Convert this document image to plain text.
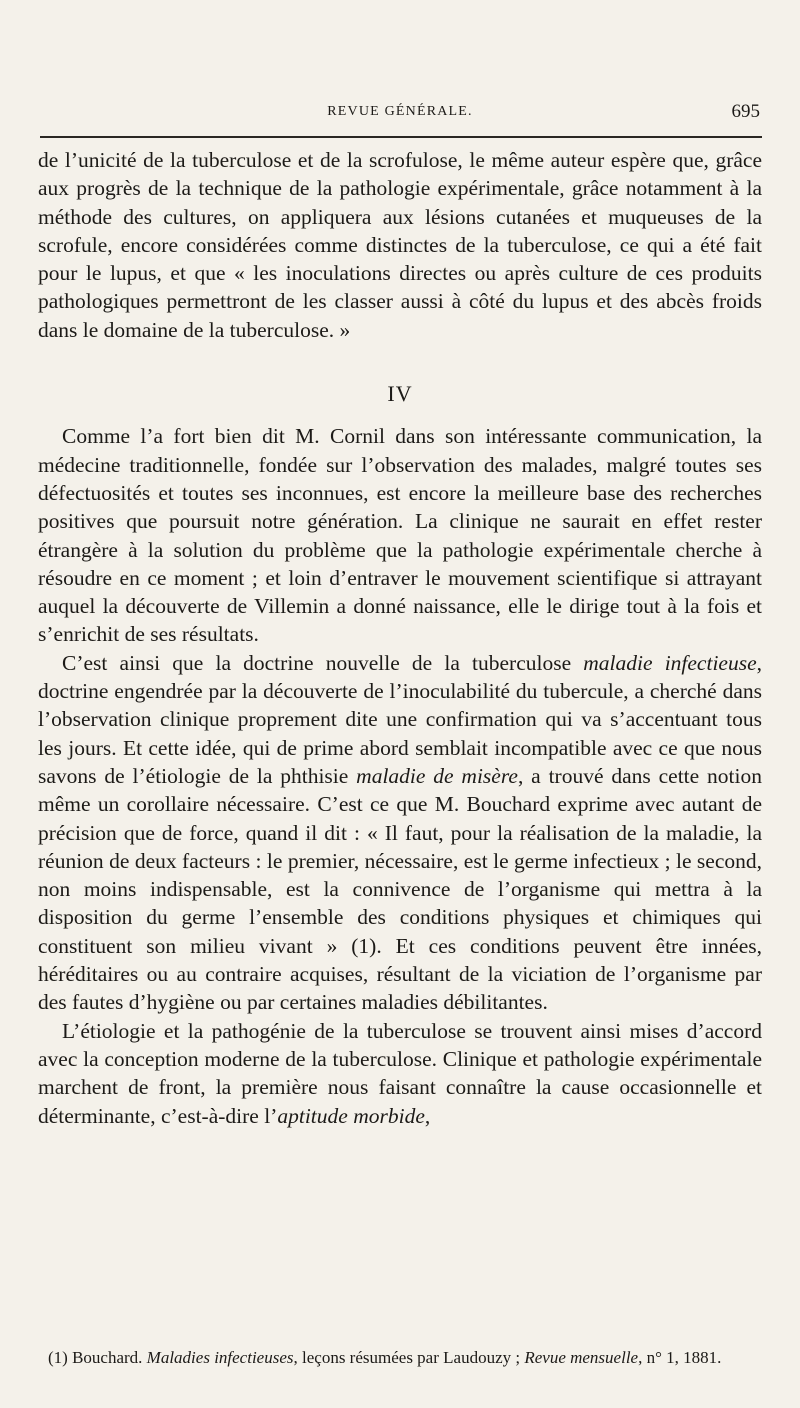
REVUE GÉNÉRALE.	695

de l’unicité de la tuberculose et de la scrofulose, le même auteur espère que, grâce aux progrès de la technique de la pathologie expérimentale, grâce notamment à la méthode des cultures, on appliquera aux lésions cutanées et muqueuses de la scrofule, encore considérées comme distinctes de la tuberculose, ce qui a été fait pour le lupus, et que « les inoculations directes ou après culture de ces produits pathologiques permettront de les classer aussi à côté du lupus et des abcès froids dans le domaine de la tuberculose. »

IV

Comme l’a fort bien dit M. Cornil dans son intéressante communication, la médecine traditionnelle, fondée sur l’observation des malades, malgré toutes ses défectuosités et toutes ses inconnues, est encore la meilleure base des recherches positives que poursuit notre génération. La clinique ne saurait en effet rester étrangère à la solution du problème que la pathologie expérimentale cherche à résoudre en ce moment ; et loin d’entraver le mouvement scientifique si attrayant auquel la découverte de Villemin a donné naissance, elle le dirige tout à la fois et s’enrichit de ses résultats.

C’est ainsi que la doctrine nouvelle de la tuberculose maladie infectieuse, doctrine engendrée par la découverte de l’inoculabilité du tubercule, a cherché dans l’observation clinique proprement dite une confirmation qui va s’accentuant tous les jours. Et cette idée, qui de prime abord semblait incompatible avec ce que nous savons de l’étiologie de la phthisie maladie de misère, a trouvé dans cette notion même un corollaire nécessaire. C’est ce que M. Bouchard exprime avec autant de précision que de force, quand il dit : « Il faut, pour la réalisation de la maladie, la réunion de deux facteurs : le premier, nécessaire, est le germe infectieux ; le second, non moins indispensable, est la connivence de l’organisme qui mettra à la disposition du germe l’ensemble des conditions physiques et chimiques qui constituent son milieu vivant » (1). Et ces conditions peuvent être innées, héréditaires ou au contraire acquises, résultant de la viciation de l’organisme par des fautes d’hygiène ou par certaines maladies débilitantes.

L’étiologie et la pathogénie de la tuberculose se trouvent ainsi mises d’accord avec la conception moderne de la tuberculose. Clinique et pathologie expérimentale marchent de front, la première nous faisant connaître la cause occasionnelle et déterminante, c’est-à-dire l’aptitude morbide,

(1) Bouchard. Maladies infectieuses, leçons résumées par Laudouzy ; Revue mensuelle, n° 1, 1881.
